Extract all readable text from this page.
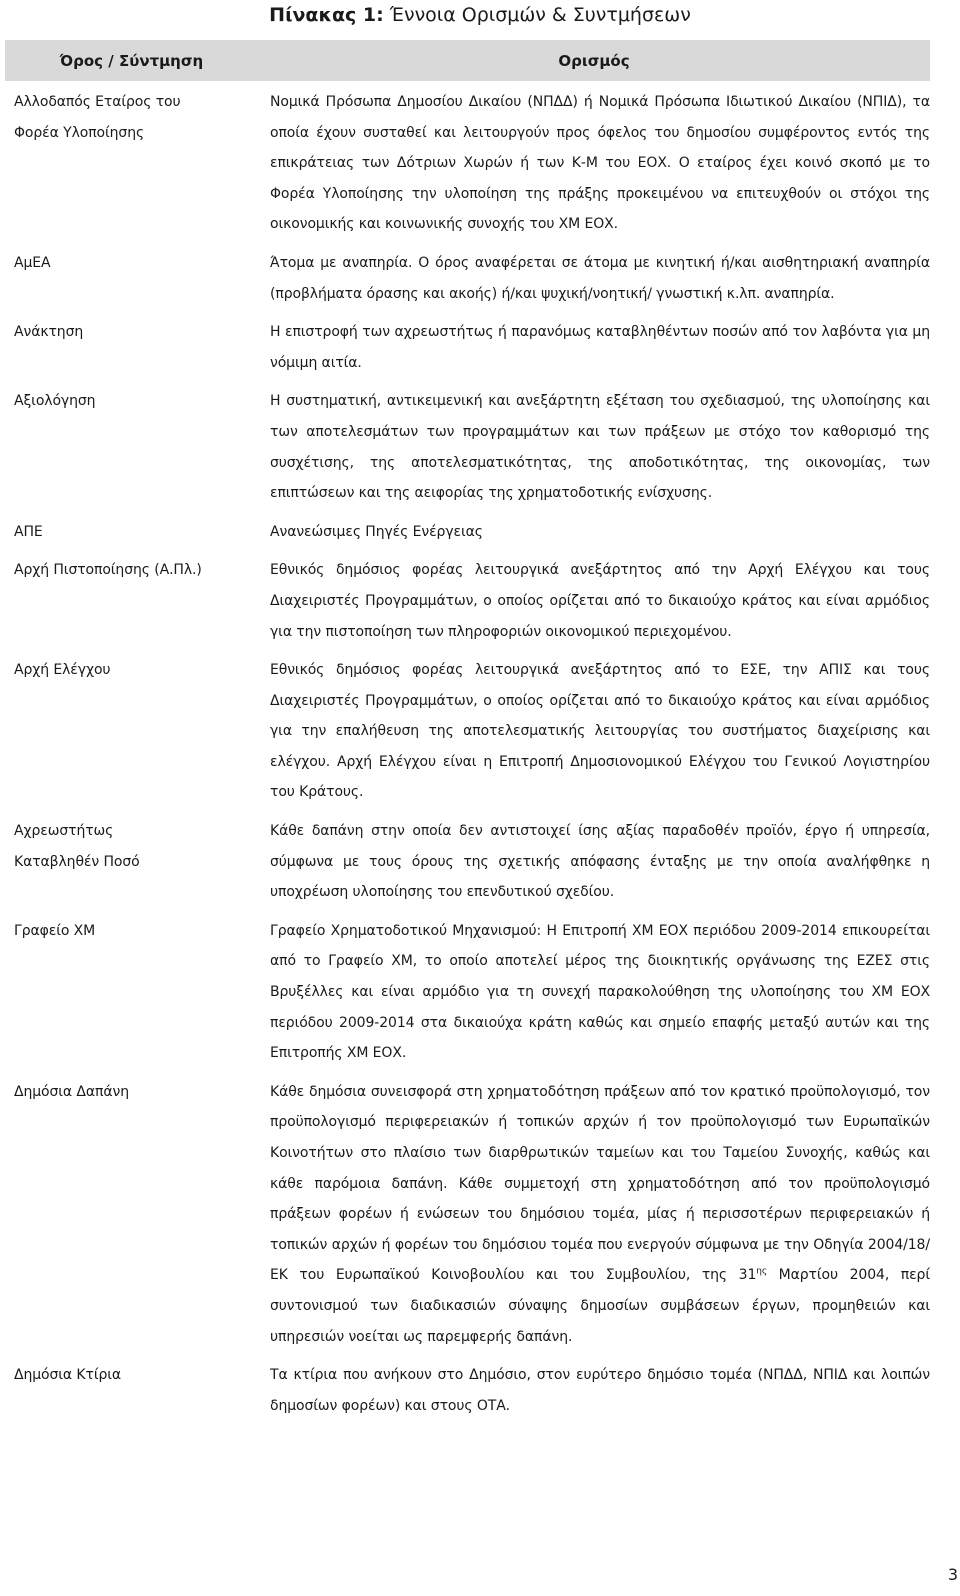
Πίνακας 1: Έννοια Ορισμών & Συντμήσεων
Όρος / Σύντμηση	Ορισμός

Αλλοδαπός Εταίρος του
Φορέα Υλοποίησης	Νομικά Πρόσωπα Δημοσίου Δικαίου (ΝΠΔΔ) ή Νομικά Πρόσωπα Ιδιωτικού Δικαίου (ΝΠΙΔ), τα οποία έχουν συσταθεί και λειτουργούν προς όφελος του δημοσίου συμφέροντος εντός της επικράτειας των Δότριων Χωρών ή των Κ-Μ του ΕΟΧ. Ο εταίρος έχει κοινό σκοπό με το Φορέα Υλοποίησης την υλοποίηση της πράξης προκειμένου να επιτευχθούν οι στόχοι της οικονομικής και κοινωνικής συνοχής του ΧΜ ΕΟΧ.

ΑμΕΑ	Άτομα με αναπηρία. Ο όρος αναφέρεται σε άτομα με κινητική ή/και αισθητηριακή αναπηρία (προβλήματα όρασης και ακοής) ή/και ψυχική/νοητική/ γνωστική κ.λπ. αναπηρία.

Ανάκτηση	Η επιστροφή των αχρεωστήτως ή παρανόμως καταβληθέντων ποσών από τον λαβόντα για μη νόμιμη αιτία.

Αξιολόγηση	Η συστηματική, αντικειμενική και ανεξάρτητη εξέταση του σχεδιασμού, της υλοποίησης και των αποτελεσμάτων των προγραμμάτων και των πράξεων με στόχο τον καθορισμό της συσχέτισης, της αποτελεσματικότητας, της αποδοτικότητας, της οικονομίας, των επιπτώσεων και της αειφορίας της χρηματοδοτικής ενίσχυσης.

ΑΠΕ	Ανανεώσιμες Πηγές Ενέργειας

Αρχή Πιστοποίησης (Α.Πλ.)	Εθνικός δημόσιος φορέας λειτουργικά ανεξάρτητος από την Αρχή Ελέγχου και τους Διαχειριστές Προγραμμάτων, ο οποίος ορίζεται από το δικαιούχο κράτος και είναι αρμόδιος για την πιστοποίηση των πληροφοριών οικονομικού περιεχομένου.

Αρχή Ελέγχου	Εθνικός δημόσιος φορέας λειτουργικά ανεξάρτητος από το ΕΣΕ, την ΑΠΙΣ και τους Διαχειριστές Προγραμμάτων, ο οποίος ορίζεται από το δικαιούχο κράτος και είναι αρμόδιος για την επαλήθευση της αποτελεσματικής λειτουργίας του συστήματος διαχείρισης και ελέγχου. Αρχή Ελέγχου είναι η Επιτροπή Δημοσιονομικού Ελέγχου του Γενικού Λογιστηρίου του Κράτους.

Αχρεωστήτως
Καταβληθέν Ποσό	Κάθε δαπάνη στην οποία δεν αντιστοιχεί ίσης αξίας παραδοθέν προϊόν, έργο ή υπηρεσία, σύμφωνα με τους όρους της σχετικής απόφασης ένταξης με την οποία αναλήφθηκε η υποχρέωση υλοποίησης του επενδυτικού σχεδίου.

Γραφείο ΧΜ	Γραφείο Χρηματοδοτικού Μηχανισμού: Η Επιτροπή ΧΜ ΕΟΧ περιόδου 2009-2014 επικουρείται από το Γραφείο ΧΜ, το οποίο αποτελεί μέρος της διοικητικής οργάνωσης της ΕΖΕΣ στις Βρυξέλλες και είναι αρμόδιο για τη συνεχή παρακολούθηση της υλοποίησης του ΧΜ ΕΟΧ περιόδου 2009-2014 στα δικαιούχα κράτη καθώς και σημείο επαφής μεταξύ αυτών και της Επιτροπής ΧΜ ΕΟΧ.

Δημόσια Δαπάνη	Κάθε δημόσια συνεισφορά στη χρηματοδότηση πράξεων από τον κρατικό προϋπολογισμό, τον προϋπολογισμό περιφερειακών ή τοπικών αρχών ή τον προϋπολογισμό των Ευρωπαϊκών Κοινοτήτων στο πλαίσιο των διαρθρωτικών ταμείων και του Ταμείου Συνοχής, καθώς και κάθε παρόμοια δαπάνη. Κάθε συμμετοχή στη χρηματοδότηση από τον προϋπολογισμό πράξεων φορέων ή ενώσεων του δημόσιου τομέα, μίας ή περισσοτέρων περιφερειακών ή τοπικών αρχών ή φορέων του δημόσιου τομέα που ενεργούν σύμφωνα με την Οδηγία 2004/18/ΕΚ του Ευρωπαϊκού Κοινοβουλίου και του Συμβουλίου, της $31^{\eta\varsigma}$ Μαρτίου 2004, περί συντονισμού των διαδικασιών σύναψης δημοσίων συμβάσεων έργων, προμηθειών και υπηρεσιών νοείται ως παρεμφερής δαπάνη.

Δημόσια Κτίρια	Τα κτίρια που ανήκουν στο Δημόσιο, στον ευρύτερο δημόσιο τομέα (ΝΠΔΔ, ΝΠΙΔ και λοιπών δημοσίων φορέων) και στους ΟΤΑ.

3
